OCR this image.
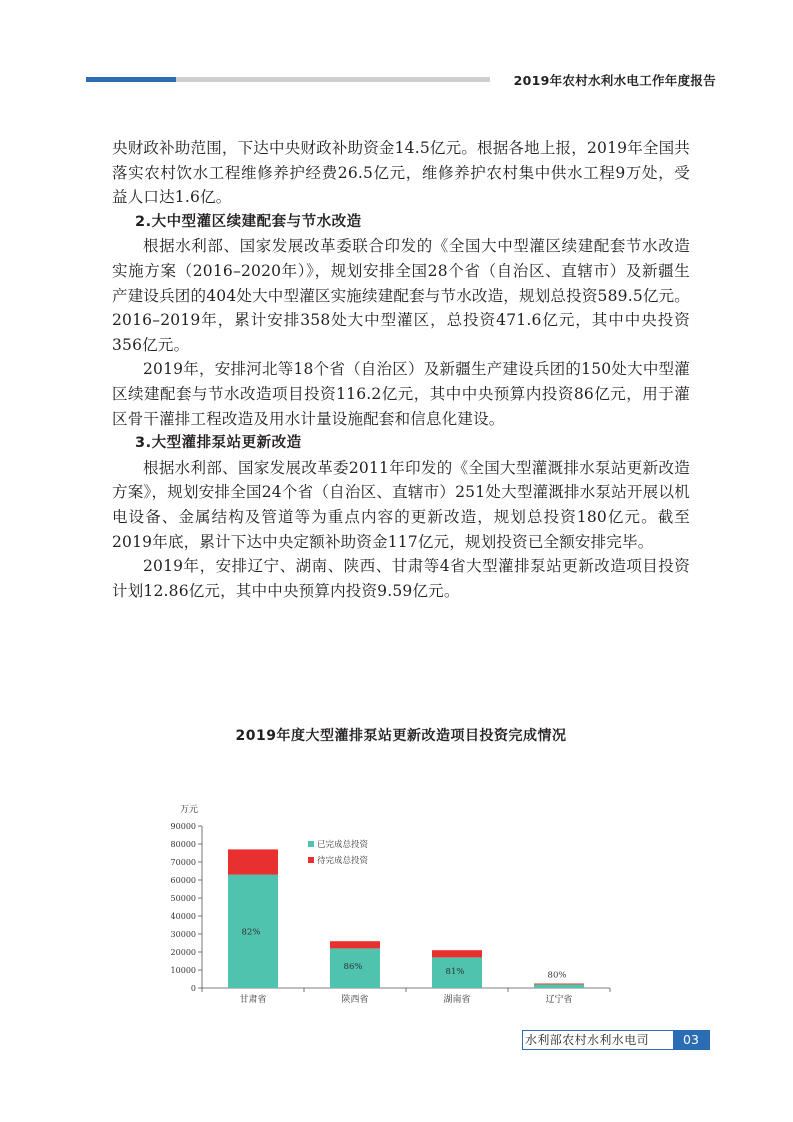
2019年农村水利水电工作年度报告

央财政补助范围，下达中央财政补助资金14.5亿元。根据各地上报，2019年全国共落实农村饮水工程维修养护经费26.5亿元，维修养护农村集中供水工程9万处，受益人口达1.6亿。

2.大中型灌区续建配套与节水改造

根据水利部、国家发展改革委联合印发的《全国大中型灌区续建配套节水改造实施方案（2016–2020年）》，规划安排全国28个省（自治区、直辖市）及新疆生产建设兵团的404处大中型灌区实施续建配套与节水改造，规划总投资589.5亿元。2016–2019年，累计安排358处大中型灌区，总投资471.6亿元，其中中央投资356亿元。

2019年，安排河北等18个省（自治区）及新疆生产建设兵团的150处大中型灌区续建配套与节水改造项目投资116.2亿元，其中中央预算内投资86亿元，用于灌区骨干灌排工程改造及用水计量设施配套和信息化建设。

3.大型灌排泵站更新改造

根据水利部、国家发展改革委2011年印发的《全国大型灌溉排水泵站更新改造方案》，规划安排全国24个省（自治区、直辖市）251处大型灌溉排水泵站开展以机电设备、金属结构及管道等为重点内容的更新改造，规划总投资180亿元。截至2019年底，累计下达中央定额补助资金117亿元，规划投资已全额安排完毕。

2019年，安排辽宁、湖南、陕西、甘肃等4省大型灌排泵站更新改造项目投资计划12.86亿元，其中中央预算内投资9.59亿元。

2019年度大型灌排泵站更新改造项目投资完成情况
万元
0
10000
20000
30000
40000
50000
60000
70000
80000
90000
甘肃省
82%
陕西省
86%
湖南省
81%
辽宁省
80%
已完成总投资
待完成总投资
水利部农村水利水电司	03
